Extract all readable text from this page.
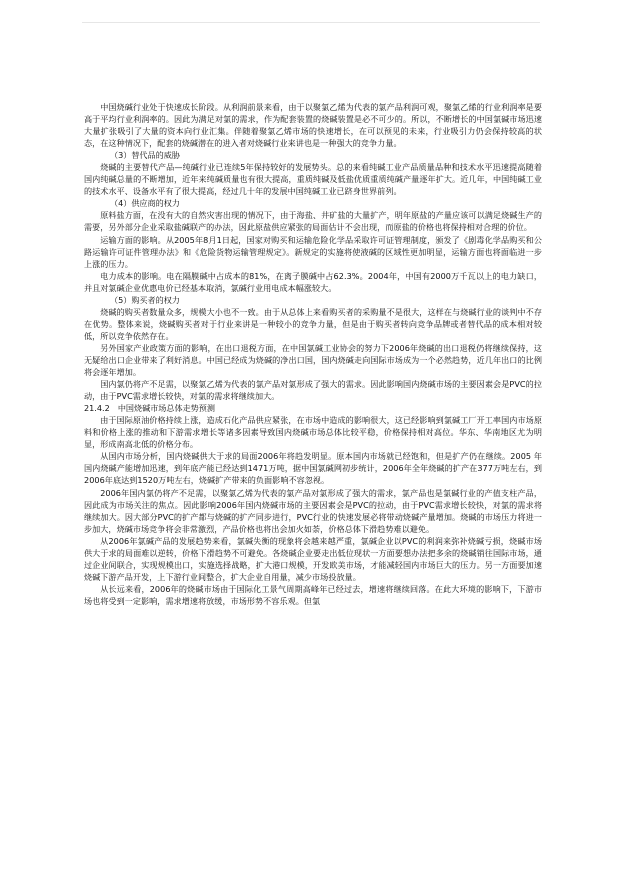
中国烧碱行业处于快速成长阶段。从利润前景来看，由于以聚氯乙烯为代表的氯产品利润可观，聚氯乙烯的行业利润率是要高于平均行业利润率的。因此为满足对氯的需求，作为配套装置的烧碱装置是必不可少的。所以，不断增长的中国氯碱市场迅速大量扩张吸引了大量的资本向行业汇集。伴随着聚氯乙烯市场的快速增长，在可以预见的未来，行业吸引力仍会保持较高的状态，在这种情况下，配套的烧碱潜在的进入者对烧碱行业来讲也是一种强大的竞争力量。

（3）替代品的威胁

烧碱的主要替代产品—纯碱行业已连续5年保持较好的发展势头。总的来看纯碱工业产品质量品种和技术水平迅速提高随着国内纯碱总量的不断增加，近年来纯碱质量也有很大提高，重质纯碱及低盐优质重质纯碱产量逐年扩大。近几年，中国纯碱工业的技术水平、设备水平有了很大提高，经过几十年的发展中国纯碱工业已跻身世界前列。

（4）供应商的权力

原料盐方面，在没有大的自然灾害出现的情况下，由于海盐、井矿盐的大量扩产，明年原盐的产量应该可以满足烧碱生产的需要，另外部分企业采取盐碱联产的办法，因此原盐供应紧张的局面估计不会出现，而原盐的价格也将保持相对合理的价位。

运输方面的影响。从2005年8月1日起，国家对购买和运输危险化学品采取许可证管理制度，颁发了《剧毒化学品购买和公路运输许可证件管理办法》和《危险货物运输管理规定》。新规定的实施将使液碱的区域性更加明显，运输方面也将面临进一步上涨的压力。

电力成本的影响。电在隔膜碱中占成本的81%，在离子膜碱中占62.3%。2004年，中国有2000万千瓦以上的电力缺口，并且对氯碱企业优惠电价已经基本取消，氯碱行业用电成本幅涨较大。

（5）购买者的权力

烧碱的购买者数量众多，规模大小也不一致。由于从总体上来看购买者的采购量不是很大，这样在与烧碱行业的谈判中不存在优势。整体来说，烧碱购买者对于行业来讲是一种较小的竞争力量，但是由于购买者转向竞争品牌或者替代品的成本相对较低，所以竞争依然存在。

另外国家产业政策方面的影响，在出口退税方面，在中国氯碱工业协会的努力下2006年烧碱的出口退税仍将继续保持，这无疑给出口企业带来了利好消息。中国已经成为烧碱的净出口国，国内烧碱走向国际市场成为一个必然趋势，近几年出口的比例将会逐年增加。

国内氯仍将产不足需，以聚氯乙烯为代表的氯产品对氯形成了强大的需求。因此影响国内烧碱市场的主要因素会是PVC的拉动，由于PVC需求增长较快，对氯的需求将继续加大。

21.4.2　中国烧碱市场总体走势预测

由于国际原油价格持续上涨，造成石化产品供应紧张，在市场中造成的影响很大，这已经影响到氯碱工厂开工率国内市场原料和价格上涨的推动和下游需求增长等诸多因素导致国内烧碱市场总体比较平稳，价格保持相对高位。华东、华南地区尤为明显，形成南高北低的价格分布。

从国内市场分析，国内烧碱供大于求的局面2006年将趋发明显。原本国内市场就已经饱和，但是扩产仍在继续。2005 年国内烧碱产能增加迅速，到年底产能已经达到1471万吨，据中国氯碱网初步统计，2006年全年烧碱的扩产在377万吨左右，到2006年底达到1520万吨左右，烧碱扩产带来的负面影响不容忽视。

2006年国内氯仍将产不足需，以聚氯乙烯为代表的氯产品对氯形成了强大的需求，氯产品也是氯碱行业的产值支柱产品，因此成为市场关注的焦点。因此影响2006年国内烧碱市场的主要因素会是PVC的拉动，由于PVC需求增长较快，对氯的需求将继续加大。因大部分PVC的扩产都与烧碱的扩产同步进行，PVC行业的快速发展必将带动烧碱产量增加。烧碱的市场压力将进一步加大，烧碱市场竞争将会非常激烈，产品价格也将出会加火如荼，价格总体下滑趋势难以避免。

从2006年氯碱产品的发展趋势来看，氯碱失衡的现象将会越来越严重，氯碱企业以PVC的利润来弥补烧碱亏损，烧碱市场供大于求的局面难以逆转，价格下滑趋势不可避免。各烧碱企业要走出低位现状一方面要想办法把多余的烧碱销往国际市场，通过企业间联合，实现规模出口，实施选择战略，扩大港口规模，开发欧美市场，才能减轻国内市场巨大的压力。另一方面要加速烧碱下游产品开发，上下游行业间整合，扩大企业自用量，减少市场投放量。

从长远来看，2006年的烧碱市场由于国际化工景气周期高峰年已经过去，增速将继续回落。在此大环境的影响下，下游市场也将受到一定影响，需求增速将放缓，市场形势不容乐观。但氯
